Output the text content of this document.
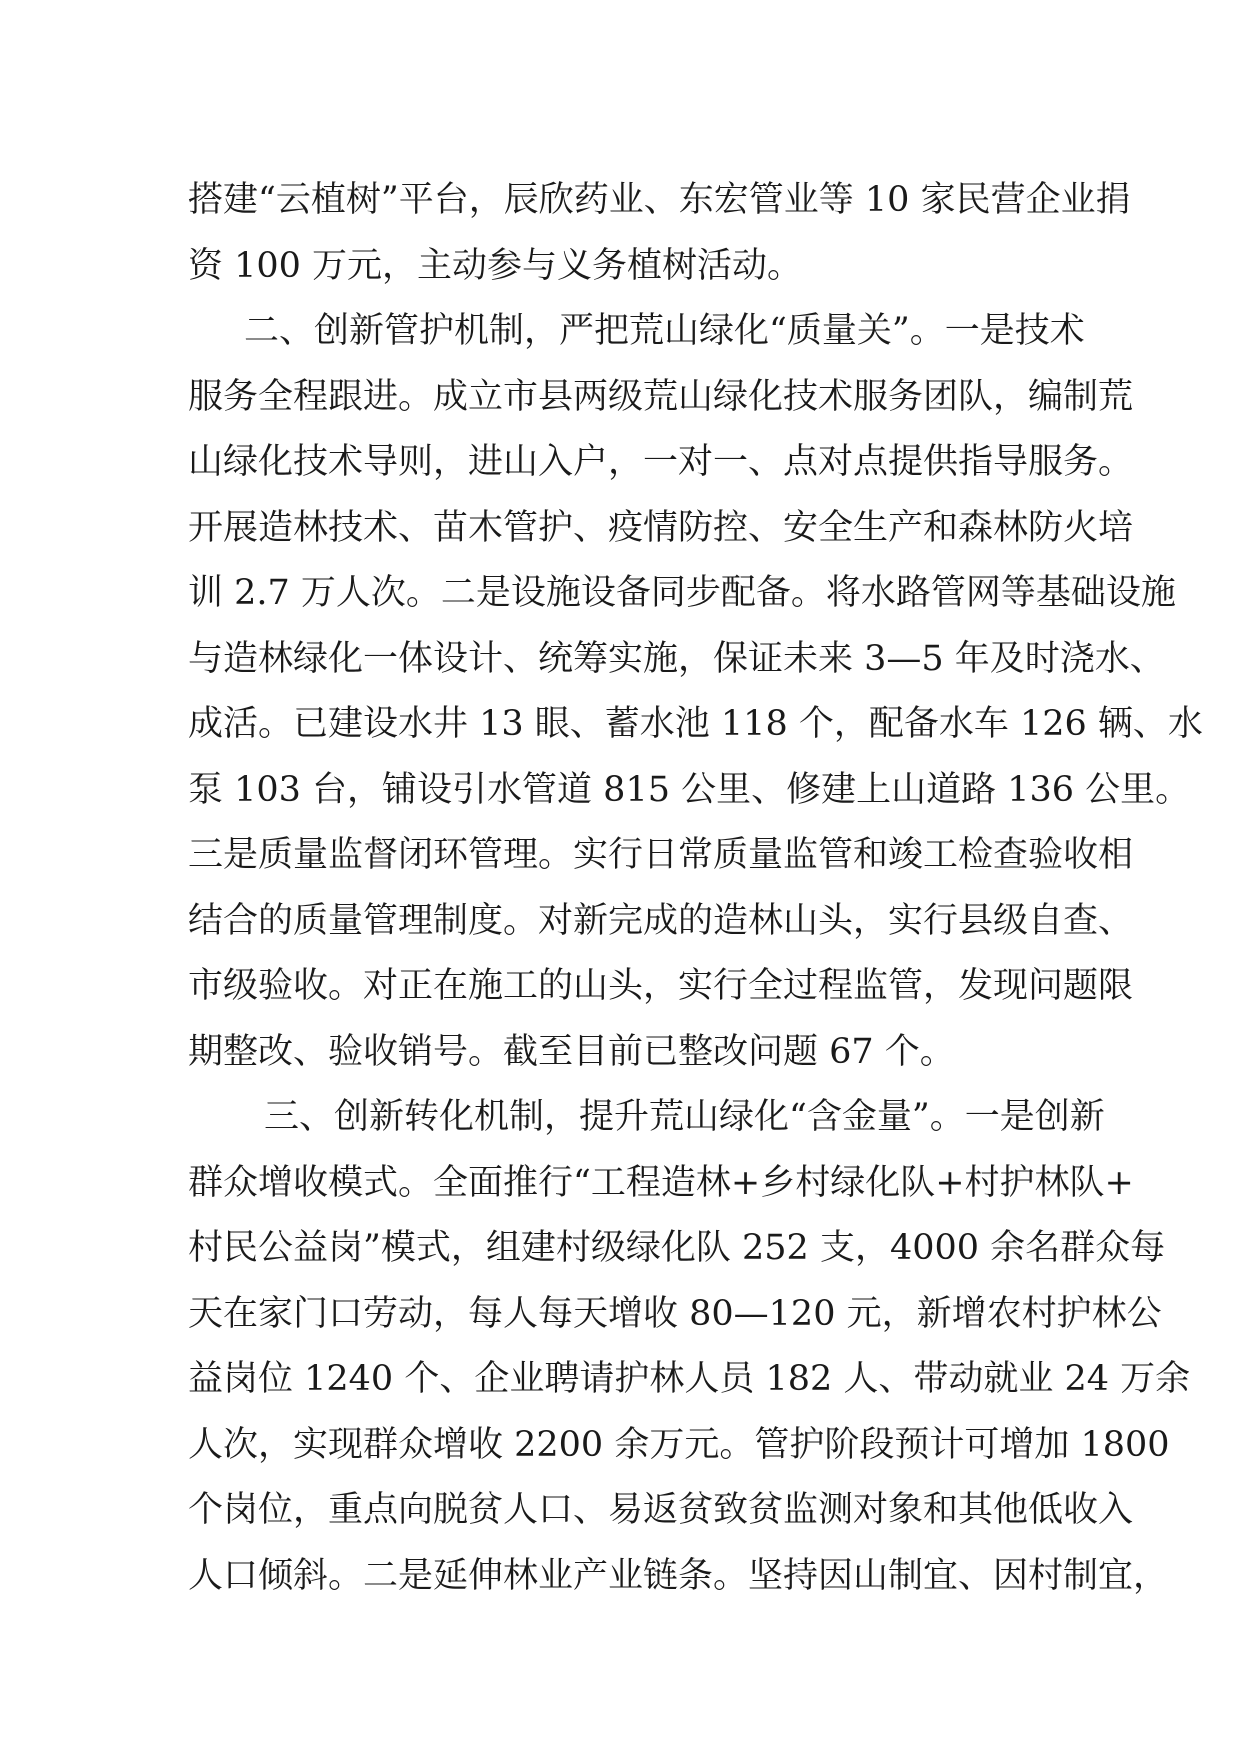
搭建“云植树”平台，辰欣药业、东宏管业等 10 家民营企业捐
资 100 万元，主动参与义务植树活动。
二、创新管护机制，严把荒山绿化“质量关”。一是技术
服务全程跟进。成立市县两级荒山绿化技术服务团队，编制荒
山绿化技术导则，进山入户，一对一、点对点提供指导服务。
开展造林技术、苗木管护、疫情防控、安全生产和森林防火培
训 2.7 万人次。二是设施设备同步配备。将水路管网等基础设施
与造林绿化一体设计、统筹实施，保证未来 3—5 年及时浇水、
成活。已建设水井 13 眼、蓄水池 118 个，配备水车 126 辆、水
泵 103 台，铺设引水管道 815 公里、修建上山道路 136 公里。
三是质量监督闭环管理。实行日常质量监管和竣工检查验收相
结合的质量管理制度。对新完成的造林山头，实行县级自查、
市级验收。对正在施工的山头，实行全过程监管，发现问题限
期整改、验收销号。截至目前已整改问题 67 个。
三、创新转化机制，提升荒山绿化“含金量”。一是创新
群众增收模式。全面推行“工程造林+乡村绿化队+村护林队+
村民公益岗”模式，组建村级绿化队 252 支，4000 余名群众每
天在家门口劳动，每人每天增收 80—120 元，新增农村护林公
益岗位 1240 个、企业聘请护林人员 182 人、带动就业 24 万余
人次，实现群众增收 2200 余万元。管护阶段预计可增加 1800
个岗位，重点向脱贫人口、易返贫致贫监测对象和其他低收入
人口倾斜。二是延伸林业产业链条。坚持因山制宜、因村制宜，
